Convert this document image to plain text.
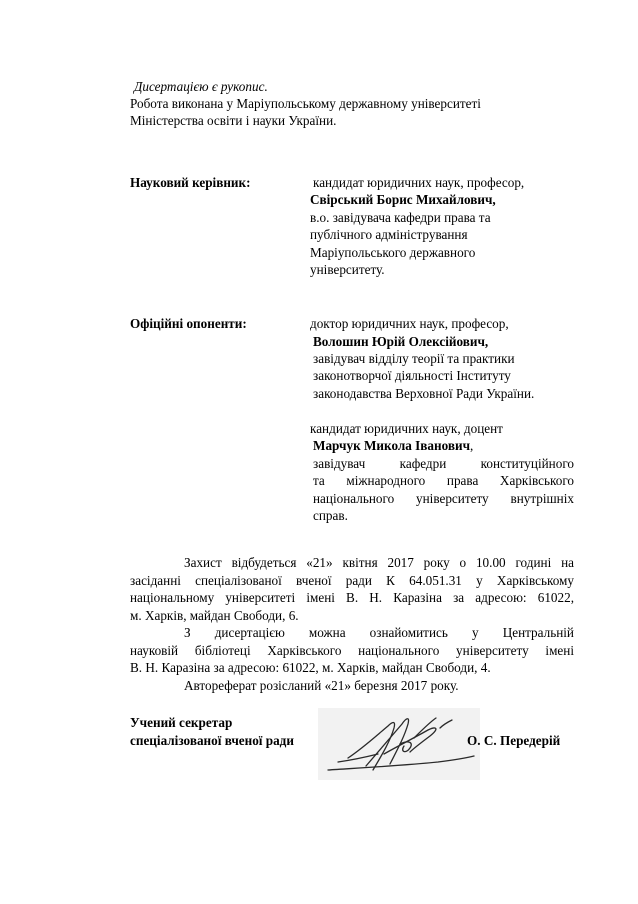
Дисертацією є рукопис.
Робота виконана у Маріупольському державному університеті
Міністерства освіти і науки України.
Науковий керівник:	кандидат юридичних наук, професор,
Свірський Борис Михайлович,
в.о. завідувача кафедри права та
публічного адміністрування
Маріупольського державного
університету.
Офіційні опоненти:	доктор юридичних наук, професор,
Волошин Юрій Олексійович,
завідувач відділу теорії та практики
законотворчої діяльності Інституту
законодавства Верховної Ради України.
кандидат юридичних наук, доцент
Марчук Микола Іванович,
завідувач кафедри конституційного
та міжнародного права Харківського
національного університету внутрішніх
справ.
Захист відбудеться «21» квітня 2017 року о 10.00 годині на
засіданні спеціалізованої вченої ради К 64.051.31 у Харківському
національному університеті імені В. Н. Каразіна за адресою: 61022,
м. Харків, майдан Свободи, 6.
З дисертацією можна ознайомитись у Центральній
науковій бібліотеці Харківського національного університету імені
В. Н. Каразіна за адресою: 61022, м. Харків, майдан Свободи, 4.
Автореферат розісланий «21» березня 2017 року.
Учений секретар
спеціалізованої вченої ради	О. С. Передерій
